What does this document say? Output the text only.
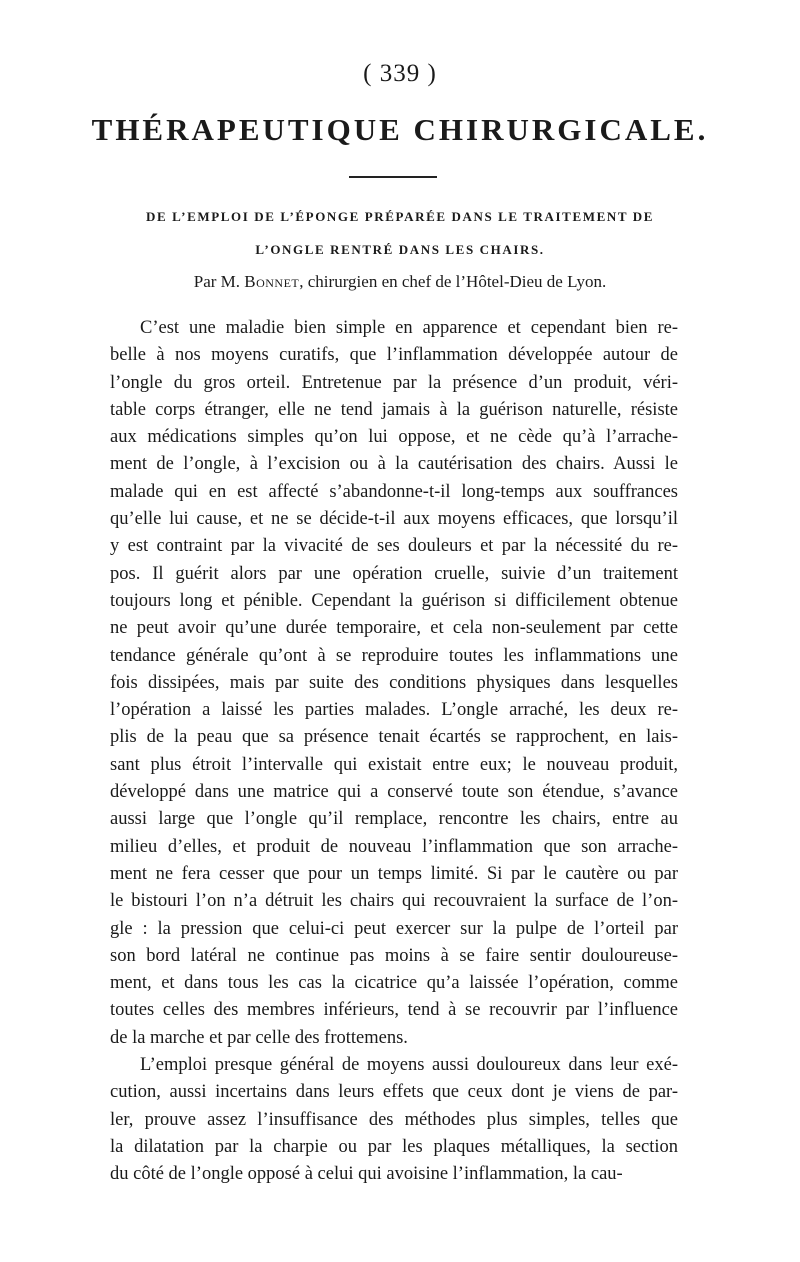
( 339 )
THÉRAPEUTIQUE CHIRURGICALE.
DE L’EMPLOI DE L’ÉPONGE PRÉPARÉE DANS LE TRAITEMENT DE
L’ONGLE RENTRÉ DANS LES CHAIRS.
Par M. Bonnet, chirurgien en chef de l’Hôtel-Dieu de Lyon.
C’est une maladie bien simple en apparence et cependant bien re-
belle à nos moyens curatifs, que l’inflammation développée autour de
l’ongle du gros orteil. Entretenue par la présence d’un produit, véri-
table corps étranger, elle ne tend jamais à la guérison naturelle, résiste
aux médications simples qu’on lui oppose, et ne cède qu’à l’arrache-
ment de l’ongle, à l’excision ou à la cautérisation des chairs. Aussi le
malade qui en est affecté s’abandonne-t-il long-temps aux souffrances
qu’elle lui cause, et ne se décide-t-il aux moyens efficaces, que lorsqu’il
y est contraint par la vivacité de ses douleurs et par la nécessité du re-
pos. Il guérit alors par une opération cruelle, suivie d’un traitement
toujours long et pénible. Cependant la guérison si difficilement obtenue
ne peut avoir qu’une durée temporaire, et cela non-seulement par cette
tendance générale qu’ont à se reproduire toutes les inflammations une
fois dissipées, mais par suite des conditions physiques dans lesquelles
l’opération a laissé les parties malades. L’ongle arraché, les deux re-
plis de la peau que sa présence tenait écartés se rapprochent, en lais-
sant plus étroit l’intervalle qui existait entre eux; le nouveau produit,
développé dans une matrice qui a conservé toute son étendue, s’avance
aussi large que l’ongle qu’il remplace, rencontre les chairs, entre au
milieu d’elles, et produit de nouveau l’inflammation que son arrache-
ment ne fera cesser que pour un temps limité. Si par le cautère ou par
le bistouri l’on n’a détruit les chairs qui recouvraient la surface de l’on-
gle : la pression que celui-ci peut exercer sur la pulpe de l’orteil par
son bord latéral ne continue pas moins à se faire sentir douloureuse-
ment, et dans tous les cas la cicatrice qu’a laissée l’opération, comme
toutes celles des membres inférieurs, tend à se recouvrir par l’influence
de la marche et par celle des frottemens.
L’emploi presque général de moyens aussi douloureux dans leur exé-
cution, aussi incertains dans leurs effets que ceux dont je viens de par-
ler, prouve assez l’insuffisance des méthodes plus simples, telles que
la dilatation par la charpie ou par les plaques métalliques, la section
du côté de l’ongle opposé à celui qui avoisine l’inflammation, la cau-
